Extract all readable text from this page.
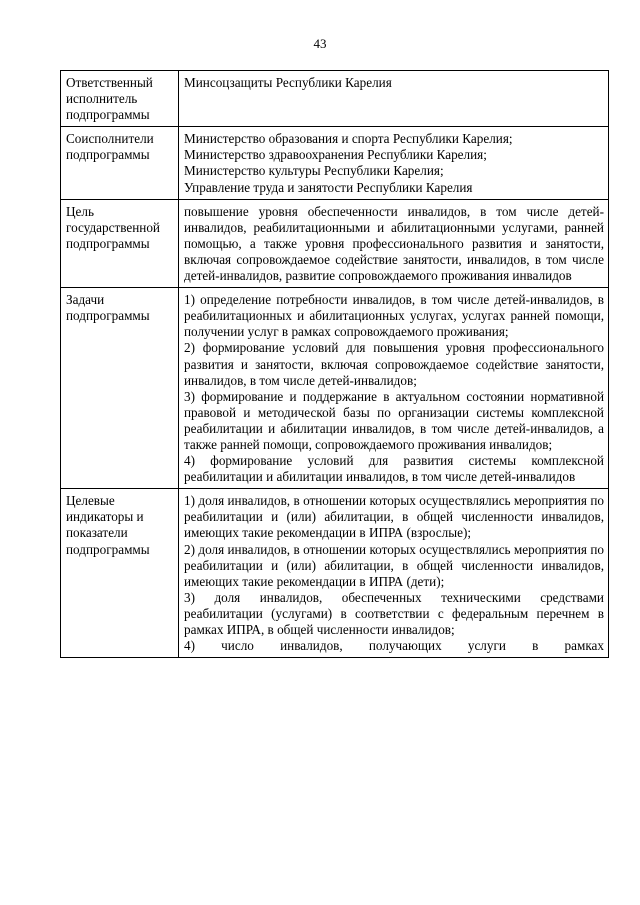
43
Ответственный исполнитель подпрограммы	Минсоцзащиты Республики Карелия
Соисполнители подпрограммы	Министерство образования и спорта Республики Карелия;
Министерство здравоохранения Республики Карелия;
Министерство культуры Республики Карелия;
Управление труда и занятости Республики Карелия

Цель государственной подпрограммы	повышение уровня обеспеченности инвалидов, в том числе детей-инвалидов, реабилитационными и абилитационными услугами, ранней помощью, а также уровня профессионального развития и занятости, включая сопровождаемое содействие занятости, инвалидов, в том числе детей-инвалидов, развитие сопровождаемого проживания инвалидов
Задачи подпрограммы	1) определение потребности инвалидов, в том числе детей-инвалидов, в реабилитационных и абилитационных услугах, услугах ранней помощи, получении услуг в рамках сопровождаемого проживания;
2) формирование условий для повышения уровня профессионального развития и занятости, включая сопровождаемое содействие занятости, инвалидов, в том числе детей-инвалидов;
3) формирование и поддержание в актуальном состоянии нормативной правовой и методической базы по организации системы комплексной реабилитации и абилитации инвалидов, в том числе детей-инвалидов, а также ранней помощи, сопровождаемого проживания инвалидов;
4) формирование условий для развития системы комплексной реабилитации и абилитации инвалидов, в том числе детей-инвалидов

Целевые индикаторы и показатели подпрограммы	1) доля инвалидов, в отношении которых осуществлялись мероприятия по реабилитации и (или) абилитации, в общей численности инвалидов, имеющих такие рекомендации в ИПРА (взрослые);
2) доля инвалидов, в отношении которых осуществлялись мероприятия по реабилитации и (или) абилитации, в общей численности инвалидов, имеющих такие рекомендации в ИПРА (дети);
3) доля инвалидов, обеспеченных техническими средствами реабилитации (услугами) в соответствии с федеральным перечнем в рамках ИПРА, в общей численности инвалидов;
4) число инвалидов, получающих услуги в рамках
